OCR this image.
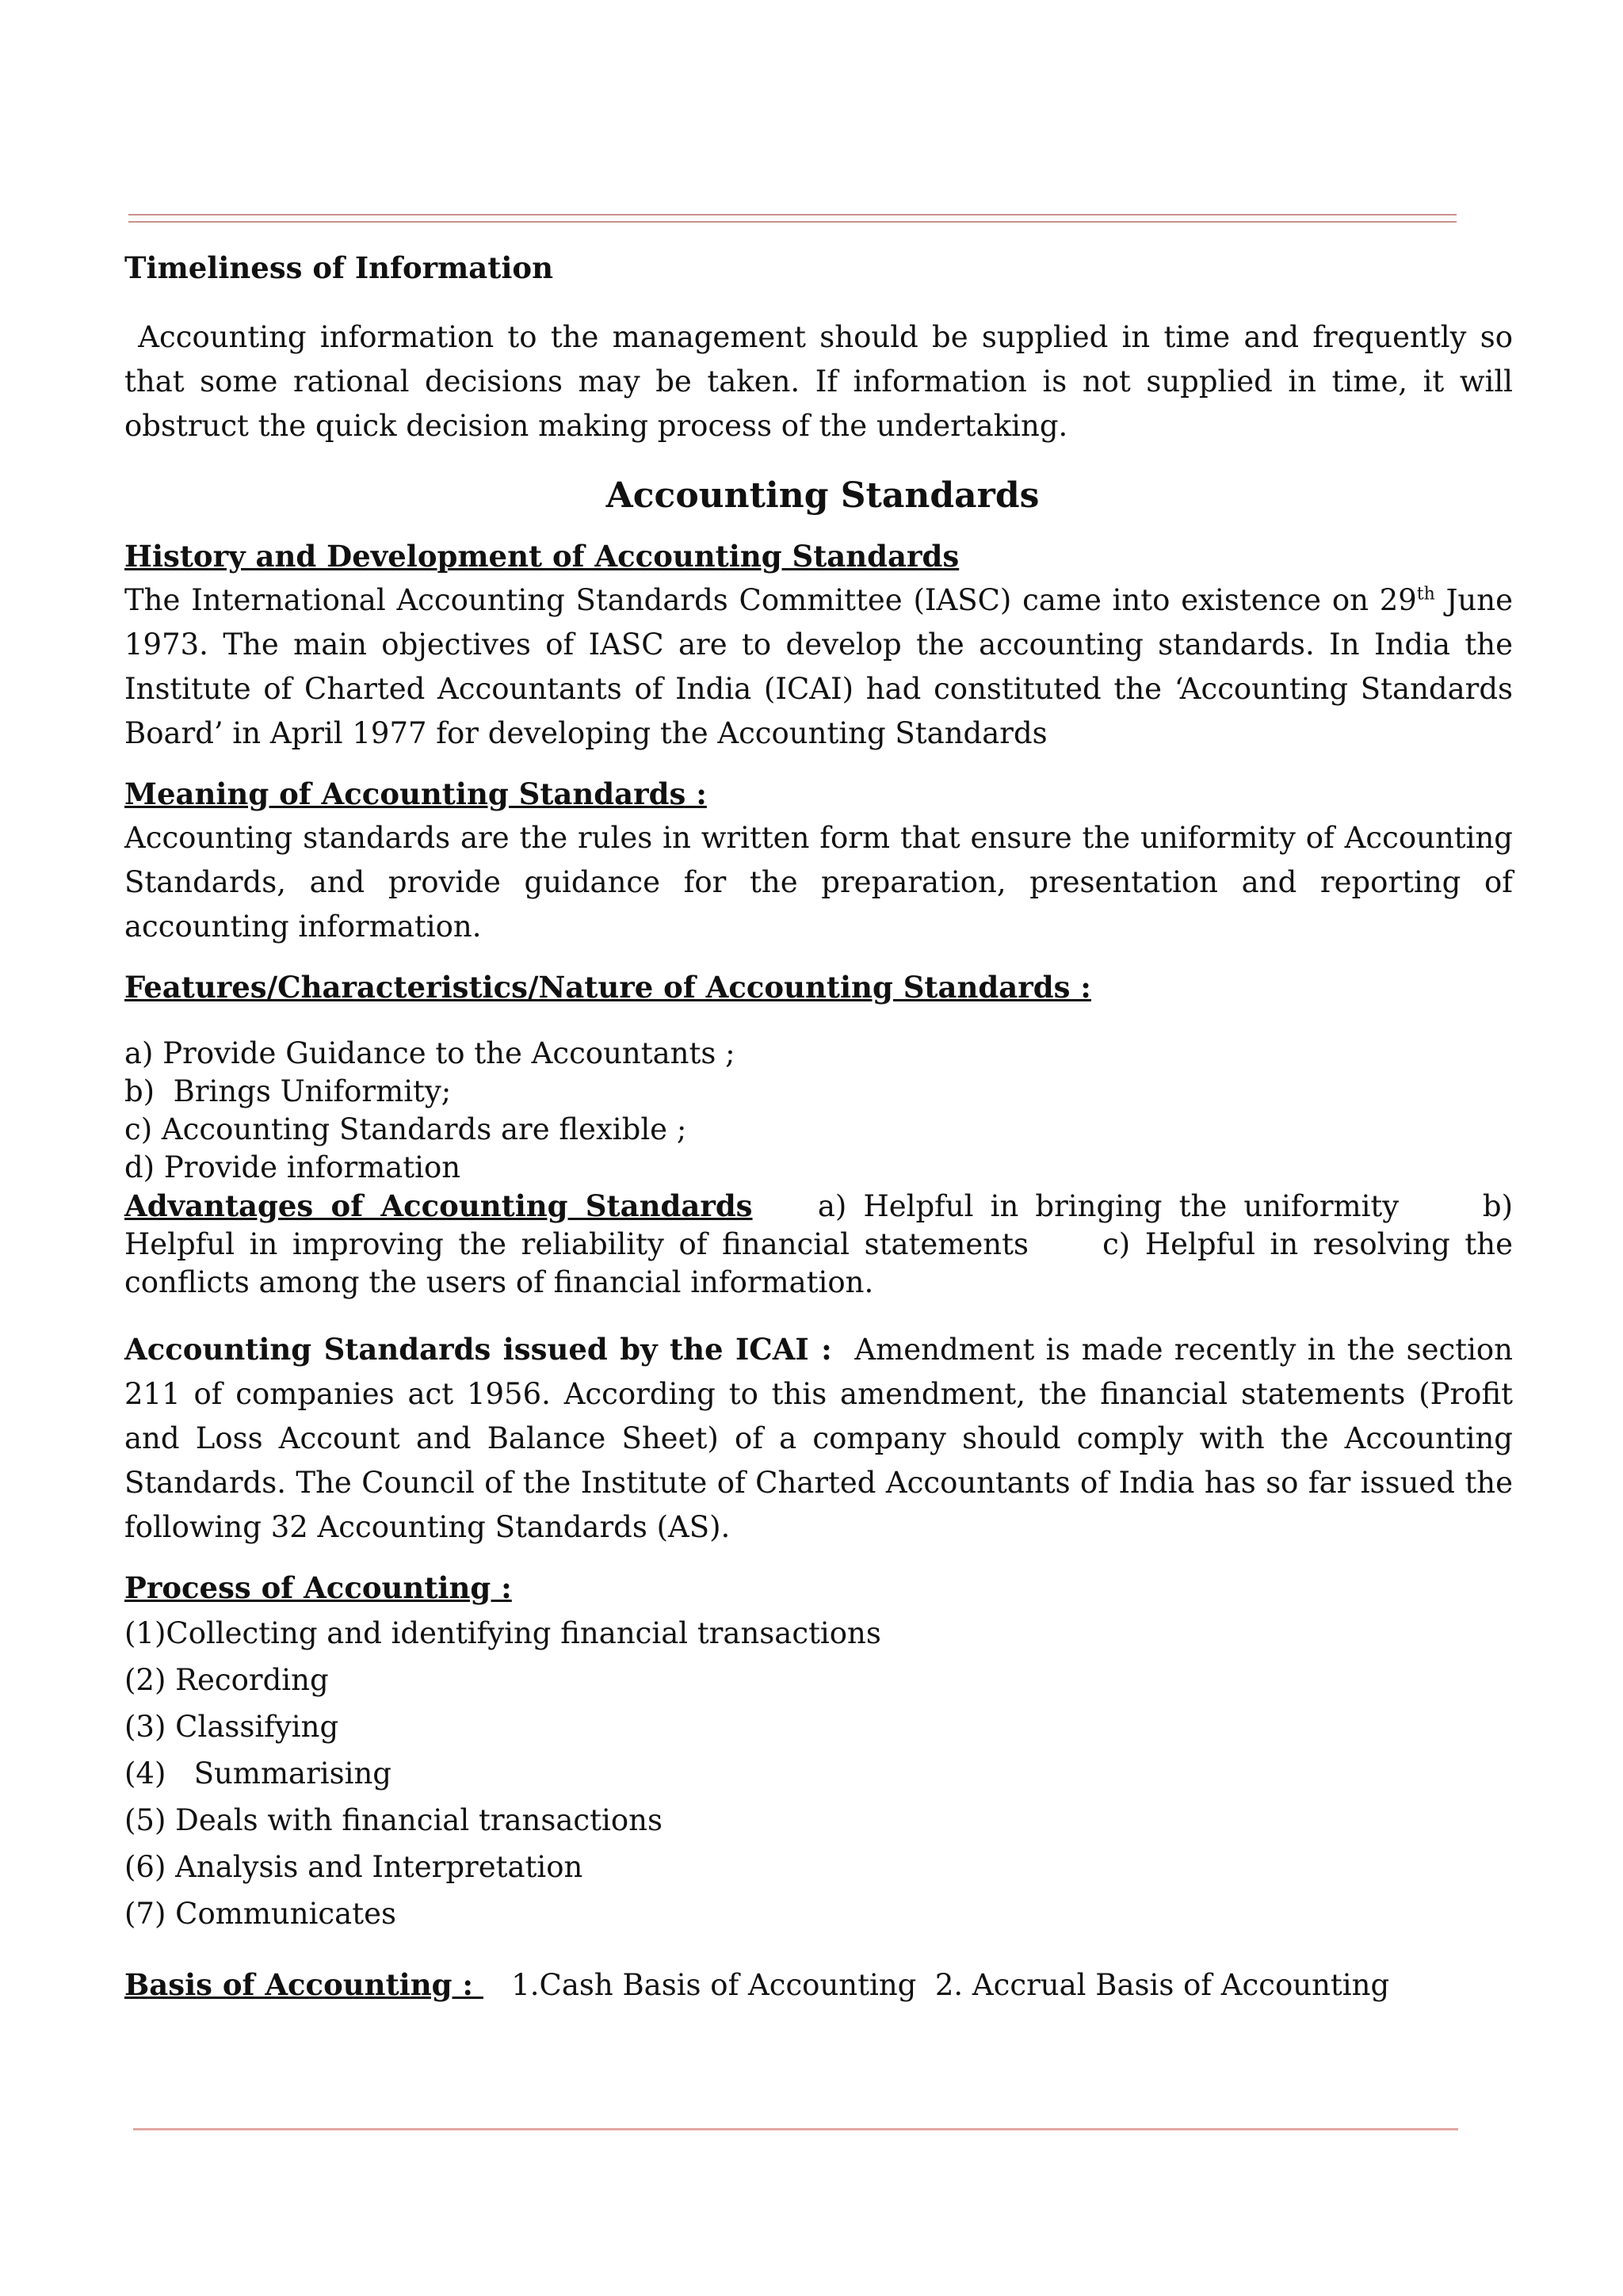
Timeliness of Information

Accounting information to the management should be supplied in time and frequently so that some rational decisions may be taken. If information is not supplied in time, it will obstruct the quick decision making process of the undertaking.

Accounting Standards

History and Development of Accounting Standards

The International Accounting Standards Committee (IASC) came into existence on 29th June 1973. The main objectives of IASC are to develop the accounting standards. In India the Institute of Charted Accountants of India (ICAI) had constituted the ‘Accounting Standards Board’ in April 1977 for developing the Accounting Standards

Meaning of Accounting Standards :

Accounting standards are the rules in written form that ensure the uniformity of Accounting Standards, and provide guidance for the preparation, presentation and reporting of accounting information.

Features/Characteristics/Nature of Accounting Standards :

a) Provide Guidance to the Accountants ;

b)  Brings Uniformity;

c) Accounting Standards are flexible ;

d) Provide information

Advantages of Accounting Standards a) Helpful in bringing the uniformity     b) Helpful in improving the reliability of financial statements     c) Helpful in resolving the conflicts among the users of financial information.

Accounting Standards issued by the ICAI :  Amendment is made recently in the section 211 of companies act 1956. According to this amendment, the financial statements (Profit and Loss Account and Balance Sheet) of a company should comply with the Accounting Standards. The Council of the Institute of Charted Accountants of India has so far issued the following 32 Accounting Standards (AS).

Process of Accounting :

(1)Collecting and identifying financial transactions

(2) Recording

(3) Classifying

(4)   Summarising

(5) Deals with financial transactions

(6) Analysis and Interpretation

(7) Communicates

Basis of Accounting : 1.Cash Basis of Accounting  2. Accrual Basis of Accounting
